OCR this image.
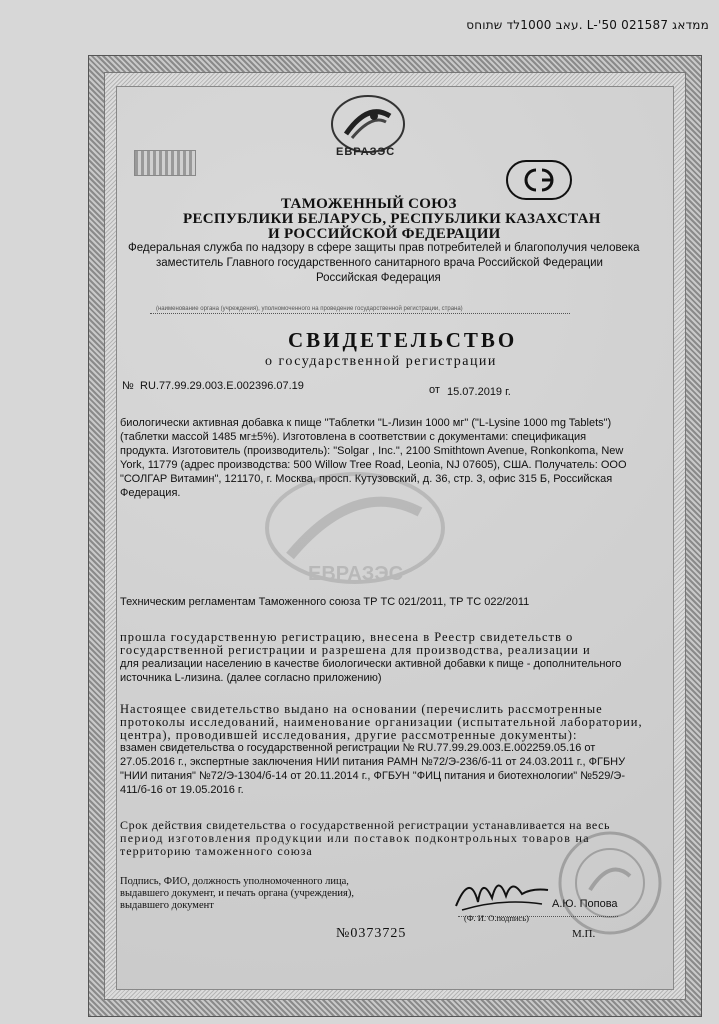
ממדאג 021587 L-'50 .עאב 1000לד שתוחס
ЕВРАЗЭС
ТАМОЖЕННЫЙ СОЮЗ
РЕСПУБЛИКИ БЕЛАРУСЬ, РЕСПУБЛИКИ КАЗАХСТАН
И РОССИЙСКОЙ ФЕДЕРАЦИИ
Федеральная служба по надзору в сфере защиты прав потребителей и благополучия человека
заместитель Главного государственного санитарного врача Российской Федерации
Российская Федерация
(наименование органа (учреждения), уполномоченного на проведение государственной регистрации, страна)
СВИДЕТЕЛЬСТВО
о государственной регистрации
№ RU.77.99.29.003.E.002396.07.19	от 15.07.2019 г.
биологически активная добавка к пище "Таблетки "L-Лизин 1000 мг" ("L-Lysine 1000 mg Tablets")
(таблетки массой 1485 мг±5%). Изготовлена в соответствии с документами: спецификация
продукта. Изготовитель (производитель): "Solgar , Inc.", 2100 Smithtown Avenue, Ronkonkoma, New
York, 11779 (адрес производства: 500 Willow Tree Road, Leonia, NJ 07605), США. Получатель: ООО
"СОЛГАР Витамин", 121170, г. Москва, просп. Кутузовский, д. 36, стр. 3, офис 315 Б, Российская
Федерация.
ЕВРАЗЭС
Техническим регламентам Таможенного союза ТР ТС 021/2011, ТР ТС 022/2011
прошла государственную регистрацию, внесена в Реестр свидетельств о
государственной регистрации и разрешена для производства, реализации и
для реализации населению в качестве биологически активной добавки к пище - дополнительного
источника L-лизина. (далее согласно приложению)
Настоящее свидетельство выдано на основании (перечислить рассмотренные
протоколы исследований, наименование организации (испытательной лаборатории,
центра), проводившей исследования, другие рассмотренные документы):
взамен свидетельства о государственной регистрации № RU.77.99.29.003.E.002259.05.16 от
27.05.2016 г., экспертные заключения НИИ питания РАМН №72/Э-236/б-11 от 24.03.2011 г., ФГБНУ
"НИИ питания" №72/Э-1304/б-14 от 20.11.2014 г., ФГБУН "ФИЦ питания и биотехнологии" №529/Э-
411/б-16 от 19.05.2016 г.
Срок действия свидетельства о государственной регистрации устанавливается на весь
период изготовления продукции или поставок подконтрольных товаров на
территорию таможенного союза
Подпись, ФИО, должность уполномоченного лица,
выдавшего документ, и печать органа (учреждения),
выдавшего документ	А.Ю. Попова
(Ф. И. О.подпись)
№0373725	М.П.
